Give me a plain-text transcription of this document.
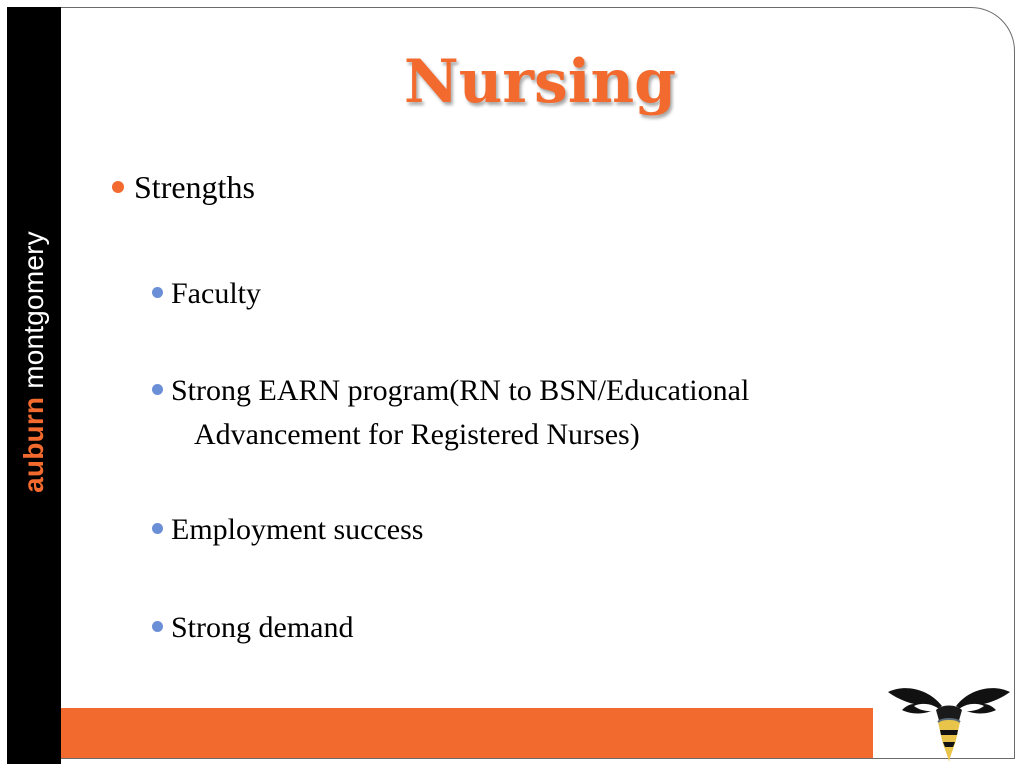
auburn montgomery
Nursing
Strengths
Faculty
Strong EARN program(RN to BSN/Educational
Advancement for Registered Nurses)
Employment success
Strong demand
